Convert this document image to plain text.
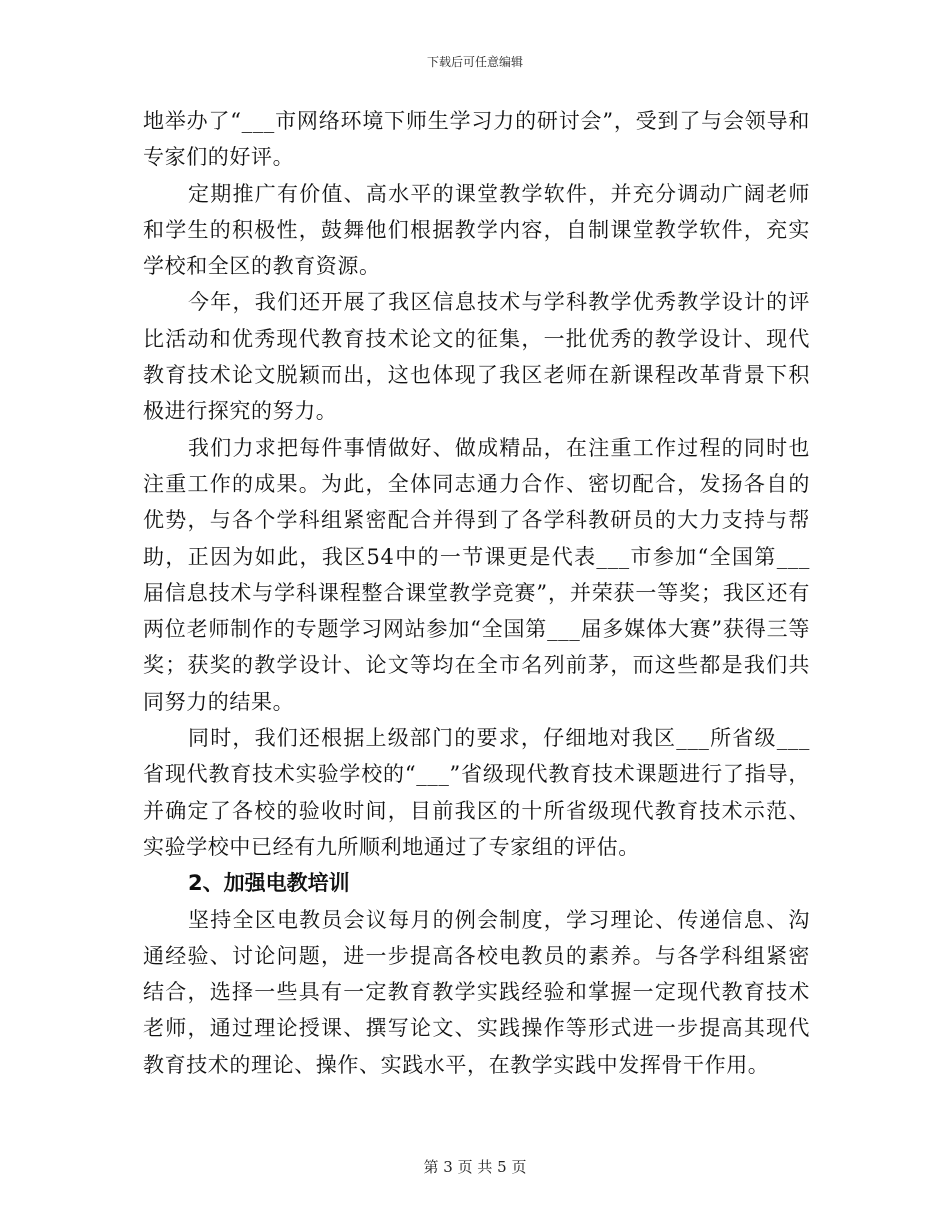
下载后可任意编辑

地举办了“___市网络环境下师生学习力的研讨会”，受到了与会领导和专家们的好评。

定期推广有价值、高水平的课堂教学软件，并充分调动广阔老师和学生的积极性，鼓舞他们根据教学内容，自制课堂教学软件，充实学校和全区的教育资源。

今年，我们还开展了我区信息技术与学科教学优秀教学设计的评比活动和优秀现代教育技术论文的征集，一批优秀的教学设计、现代教育技术论文脱颖而出，这也体现了我区老师在新课程改革背景下积极进行探究的努力。

我们力求把每件事情做好、做成精品，在注重工作过程的同时也注重工作的成果。为此，全体同志通力合作、密切配合，发扬各自的优势，与各个学科组紧密配合并得到了各学科教研员的大力支持与帮助，正因为如此，我区54中的一节课更是代表___市参加“全国第___届信息技术与学科课程整合课堂教学竞赛”，并荣获一等奖；我区还有两位老师制作的专题学习网站参加“全国第___届多媒体大赛”获得三等奖；获奖的教学设计、论文等均在全市名列前茅，而这些都是我们共同努力的结果。

同时，我们还根据上级部门的要求，仔细地对我区___所省级___省现代教育技术实验学校的“___”省级现代教育技术课题进行了指导，并确定了各校的验收时间，目前我区的十所省级现代教育技术示范、实验学校中已经有九所顺利地通过了专家组的评估。

2、加强电教培训

坚持全区电教员会议每月的例会制度，学习理论、传递信息、沟通经验、讨论问题，进一步提高各校电教员的素养。与各学科组紧密结合，选择一些具有一定教育教学实践经验和掌握一定现代教育技术老师，通过理论授课、撰写论文、实践操作等形式进一步提高其现代教育技术的理论、操作、实践水平，在教学实践中发挥骨干作用。

第 3 页 共 5 页
